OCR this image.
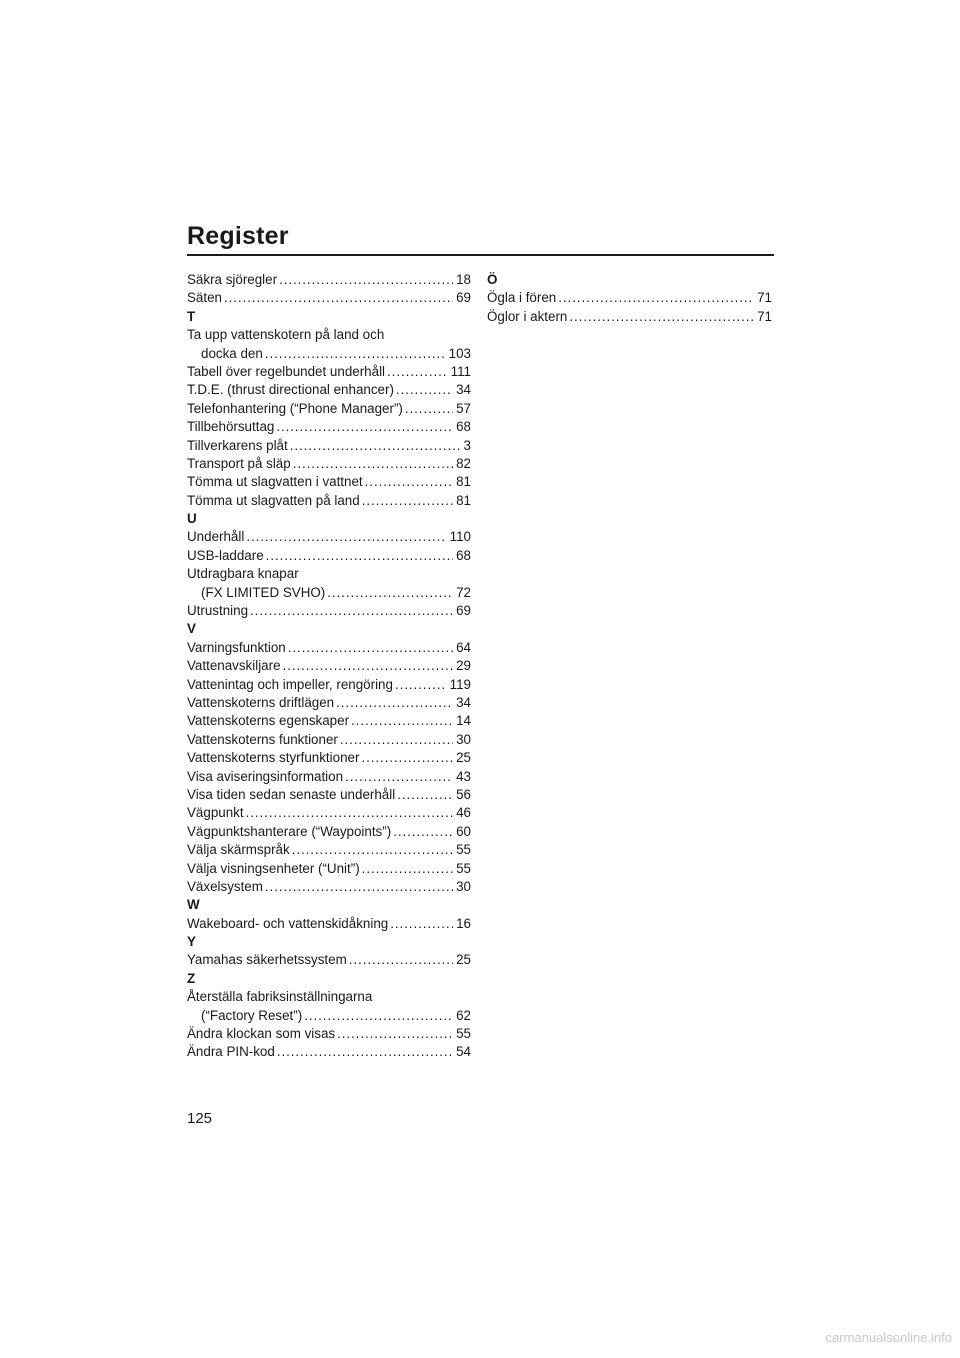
Register
Säkra sjöregler . . .	18
Säten . . .	69
T
Ta upp vattenskotern på land och
docka den . . .	103
Tabell över regelbundet underhåll . . .	111
T.D.E. (thrust directional enhancer) . . .	34
Telefonhantering (“Phone Manager”) . . .	57
Tillbehörsuttag . . .	68
Tillverkarens plåt . . .	3
Transport på släp . . .	82
Tömma ut slagvatten i vattnet . . .	81
Tömma ut slagvatten på land . . .	81
U
Underhåll . . .	110
USB-laddare . . .	68
Utdragbara knapar
(FX LIMITED SVHO) . . .	72
Utrustning . . .	69
V
Varningsfunktion . . .	64
Vattenavskiljare . . .	29
Vattenintag och impeller, rengöring . . .	119
Vattenskoterns driftlägen . . .	34
Vattenskoterns egenskaper . . .	14
Vattenskoterns funktioner . . .	30
Vattenskoterns styrfunktioner . . .	25
Visa aviseringsinformation . . .	43
Visa tiden sedan senaste underhåll . . .	56
Vägpunkt . . .	46
Vägpunktshanterare (“Waypoints”) . . .	60
Välja skärmspråk . . .	55
Välja visningsenheter (“Unit”) . . .	55
Växelsystem . . .	30
W
Wakeboard- och vattenskidåkning . . .	16
Y
Yamahas säkerhetssystem . . .	25
Z
Återställa fabriksinställningarna
(“Factory Reset”) . . .	62
Ändra klockan som visas . . .	55
Ändra PIN-kod . . .	54
Ö
Ögla i fören . . .	71
Öglor i aktern . . .	71
125
carmanualsonline.info
